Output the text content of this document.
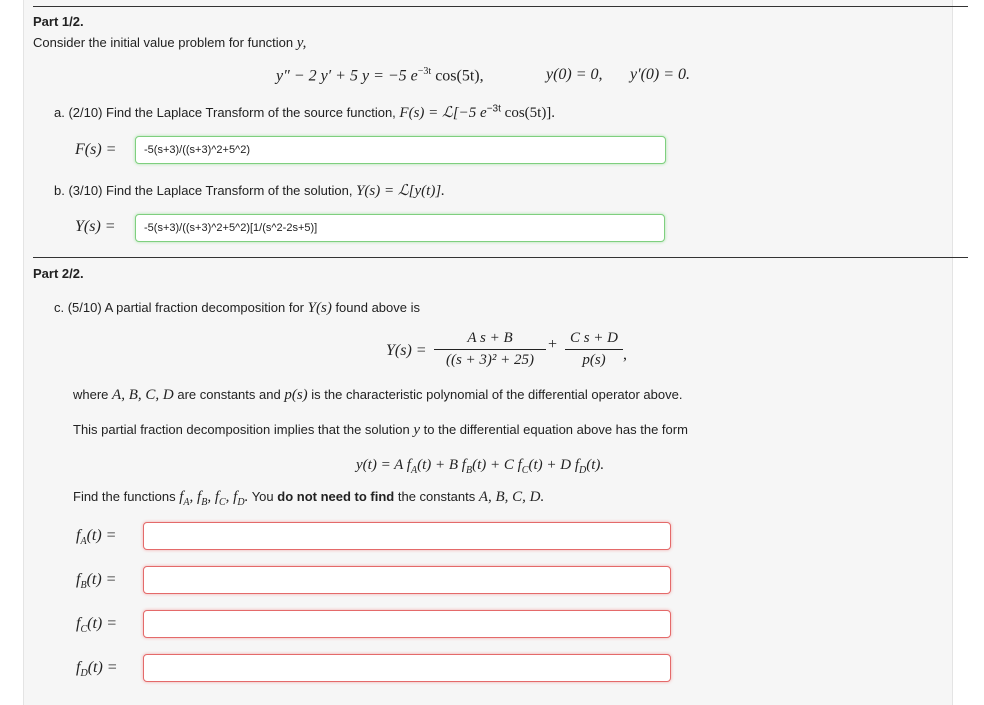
Part 1/2.
Consider the initial value problem for function y,
y″ − 2 y′ + 5 y = −5 $e^{-3t}$ cos(5t),	y(0) = 0, y′(0) = 0.
a. (2/10) Find the Laplace Transform of the source function, F(s) = ℒ[−5 $e^{-3t}$ cos(5t)].
F(s) =	-5(s+3)/((s+3)^2+5^2)
b. (3/10) Find the Laplace Transform of the solution, Y(s) = ℒ[y(t)].
Y(s) =	-5(s+3)/((s+3)^2+5^2)[1/(s^2-2s+5)]
Part 2/2.
c. (5/10) A partial fraction decomposition for Y(s) found above is
Y(s) =
A s + B
((s + 3)² + 25)
+ C s + D
p(s)	,
where A, B, C, D are constants and p(s) is the characteristic polynomial of the differential operator above.
This partial fraction decomposition implies that the solution y to the differential equation above has the form
y(t) = A $f_A(t) + B$ $f_B(t) + C$ $f_C(t) + D$ $f_D(t)$.
Find the functions $f_A$, $f_B$, $f_C$, $f_D$. You do not need to find the constants A, B, C, D.
$f_A(t)$ =
$f_B(t)$ =
$f_C(t)$ =
$f_D(t)$ =
